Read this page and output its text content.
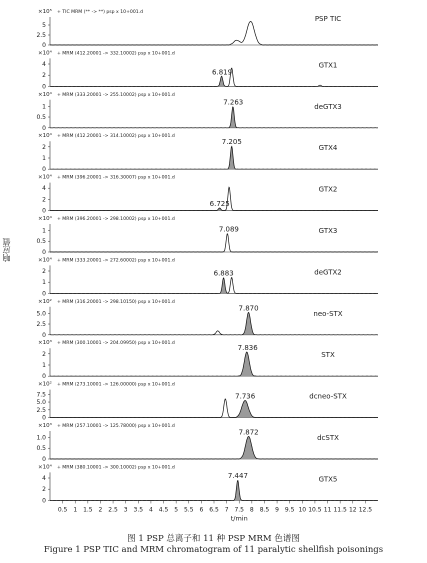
响应值
×10⁵ + TIC MRM (** -> **) psp x 10+001.d
5
2.5
0
PSP TIC
×10⁴ + MRM (412.20001 -> 332.10002) psp x 10+001.d
4
2
0
6.819
GTX1
×10⁴ + MRM (333.20001 -> 255.10002) psp x 10+001.d
1
0.5
0
7.263
deGTX3
×10⁴ + MRM (412.20001 -> 314.10002) psp x 10+001.d
2
1
0
7.205
GTX4
×10⁴ + MRM (396.20001 -> 316.30007) psp x 10+001.d
4
2
0
6.725
GTX2
×10⁴ + MRM (396.20001 -> 298.10002) psp x 10+001.d
1
0.5
0
7.089	GTX3
×10⁴ + MRM (333.20001 -> 272.60002) psp x 10+001.d
2
1
0
6.883	deGTX2
×10² + MRM (316.20001 -> 298.10150) psp x 10+001.d
5.0
2.5
0
7.870
neo-STX
×10³ + MRM (300.10001 -> 204.09950) psp x 10+001.d
2
1
0
7.836
STX
×10² + MRM (273.10001 -> 126.00000) psp x 10+001.d
7.5
5.0
2.5
0
7.736	dcneo-STX
×10³ + MRM (257.10001 -> 125.78000) psp x 10+001.d
1.0
0.5
0
7.872
dcSTX
×10⁴ + MRM (380.10001 -> 300.10002) psp x 10+001.d
4
2
0
7.447	GTX5
0.5 1 1.5 2 2.5 3 3.5 4 4.5 5 5.5 6 6.5 7 7.5 8 8.5 9 9.5 10 10.5 11 11.5 12 12.5
t/min
图 1 PSP 总离子和 11 种 PSP MRM 色谱图
Figure 1 PSP TIC and MRM chromatogram of 11 paralytic shellfish poisonings
